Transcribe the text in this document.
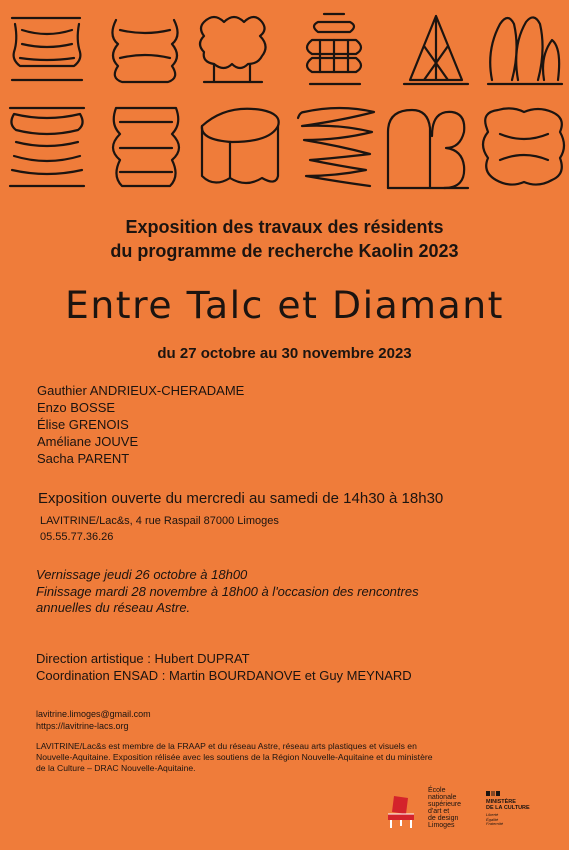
Exposition des travaux des résidents
du programme de recherche Kaolin 2023
Entre Talc et Diamant
du 27 octobre au 30 novembre 2023
Gauthier ANDRIEUX-CHERADAME
Enzo BOSSE
Élise GRENOIS
Améliane JOUVE
Sacha PARENT
Exposition ouverte du mercredi au samedi de 14h30 à 18h30
LAVITRINE/Lac&s, 4 rue Raspail 87000 Limoges
05.55.77.36.26
Vernissage jeudi 26 octobre à 18h00
Finissage mardi 28 novembre à 18h00 à l'occasion des rencontres
annuelles du réseau Astre.
Direction artistique : Hubert DUPRAT
Coordination ENSAD : Martin BOURDANOVE et Guy MEYNARD
lavitrine.limoges@gmail.com
https://lavitrine-lacs.org
LAVITRINE/Lac&s est membre de la FRAAP et du réseau Astre, réseau arts plastiques et visuels en
Nouvelle-Aquitaine. Exposition rélisée avec les soutiens de la Région Nouvelle-Aquitaine et du ministère
de la Culture – DRAC Nouvelle-Aquitaine.
École
nationale
supérieure
d'art et
de design
Limoges
MINISTÈRE
DE LA CULTURE
Liberté
Égalité
Fraternité
